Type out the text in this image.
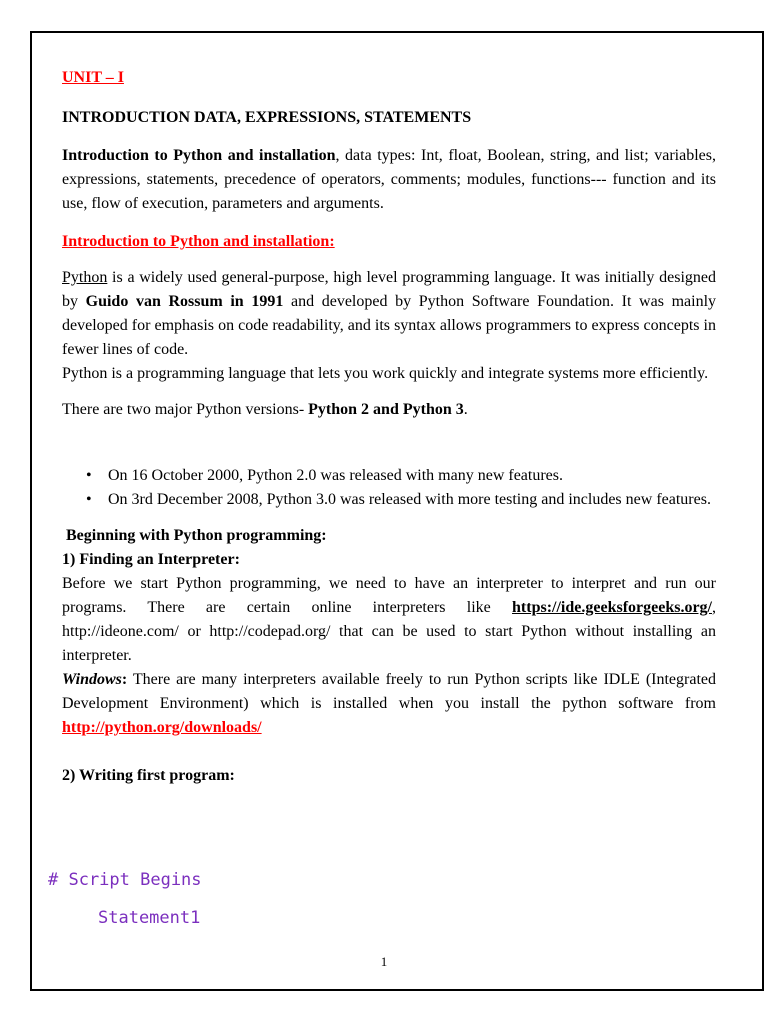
UNIT – I

INTRODUCTION DATA, EXPRESSIONS, STATEMENTS

Introduction to Python and installation, data types: Int, float, Boolean, string, and list; variables, expressions, statements, precedence of operators, comments; modules, functions--- function and its use, flow of execution, parameters and arguments.

Introduction to Python and installation:

Python is a widely used general-purpose, high level programming language. It was initially designed by Guido van Rossum in 1991 and developed by Python Software Foundation. It was mainly developed for emphasis on code readability, and its syntax allows programmers to express concepts in fewer lines of code.

Python is a programming language that lets you work quickly and integrate systems more efficiently.

There are two major Python versions- Python 2 and Python 3.

• On 16 October 2000, Python 2.0 was released with many new features.
• On 3rd December 2008, Python 3.0 was released with more testing and includes new features.

Beginning with Python programming:

1) Finding an Interpreter:

Before we start Python programming, we need to have an interpreter to interpret and run our programs. There are certain online interpreters like https://ide.geeksforgeeks.org/, http://ideone.com/ or http://codepad.org/ that can be used to start Python without installing an interpreter.

Windows: There are many interpreters available freely to run Python scripts like IDLE (Integrated Development Environment) which is installed when you install the python software from http://python.org/downloads/

2) Writing first program:

# Script Begins
Statement1
1
